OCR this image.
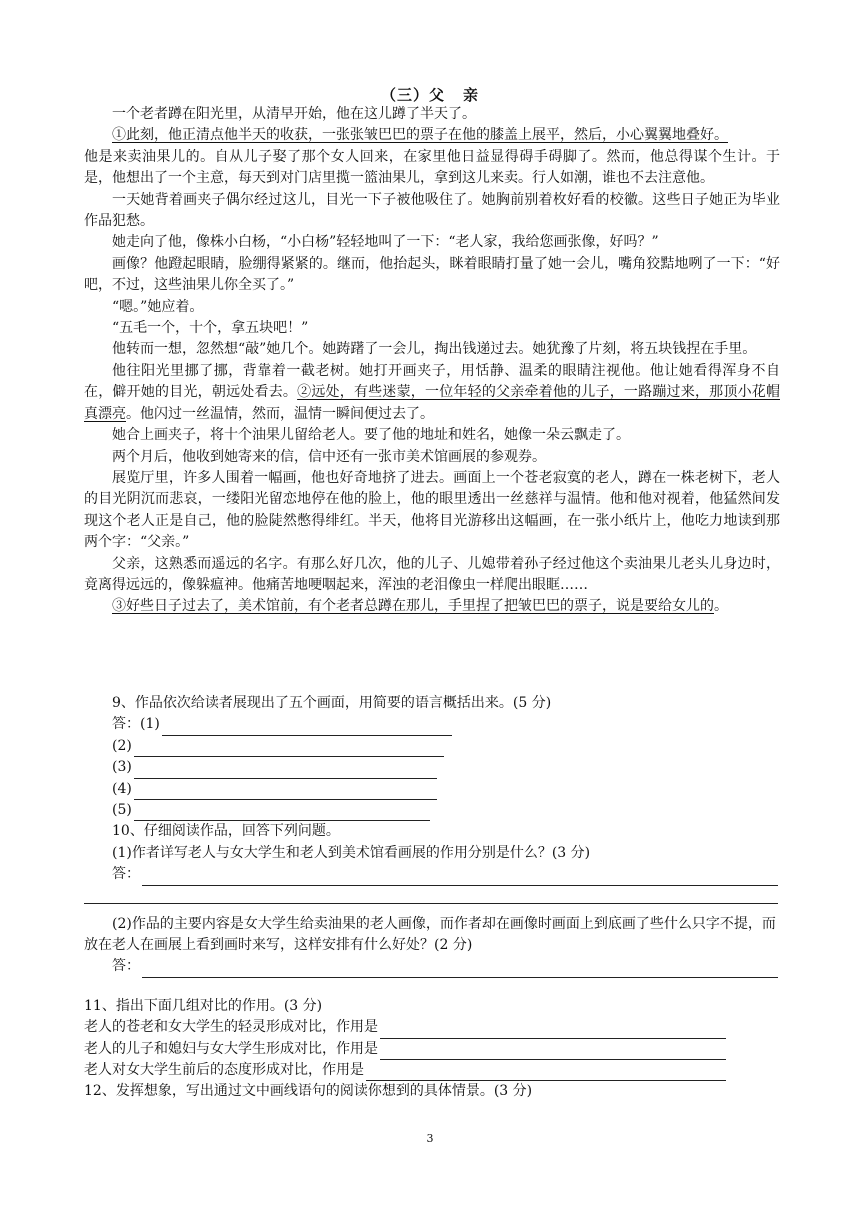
（三）父 亲

一个老者蹲在阳光里，从清早开始，他在这儿蹲了半天了。

①此刻，他正清点他半天的收获，一张张皱巴巴的票子在他的膝盖上展平，然后，小心翼翼地叠好。

他是来卖油果儿的。自从儿子娶了那个女人回来，在家里他日益显得碍手碍脚了。然而，他总得谋个生计。于是，他想出了一个主意，每天到对门店里揽一篮油果儿，拿到这儿来卖。行人如潮，谁也不去注意他。

一天她背着画夹子偶尔经过这儿，目光一下子被他吸住了。她胸前别着枚好看的校徽。这些日子她正为毕业作品犯愁。

她走向了他，像株小白杨，“小白杨”轻轻地叫了一下：“老人家，我给您画张像，好吗？”

画像？他蹬起眼睛，脸绷得紧紧的。继而，他抬起头，眯着眼睛打量了她一会儿，嘴角狡黠地咧了一下：“好吧，不过，这些油果儿你全买了。”

“嗯。”她应着。

“五毛一个，十个，拿五块吧！”

他转而一想，忽然想“敲”她几个。她踌躇了一会儿，掏出钱递过去。她犹豫了片刻，将五块钱捏在手里。

他往阳光里挪了挪，背靠着一截老树。她打开画夹子，用恬静、温柔的眼睛注视他。他让她看得浑身不自在，僻开她的目光，朝远处看去。②远处，有些迷蒙，一位年轻的父亲牵着他的儿子，一路蹦过来，那顶小花帽真漂亮。他闪过一丝温情，然而，温情一瞬间便过去了。

她合上画夹子，将十个油果儿留给老人。要了他的地址和姓名，她像一朵云飘走了。

两个月后，他收到她寄来的信，信中还有一张市美术馆画展的参观券。

展览厅里，许多人围着一幅画，他也好奇地挤了进去。画面上一个苍老寂寞的老人，蹲在一株老树下，老人的目光阴沉而悲哀，一缕阳光留恋地停在他的脸上，他的眼里透出一丝慈祥与温情。他和他对视着，他猛然间发现这个老人正是自己，他的脸陡然憋得绯红。半天，他将目光游移出这幅画，在一张小纸片上，他吃力地读到那两个字：“父亲。”

父亲，这熟悉而遥远的名字。有那么好几次，他的儿子、儿媳带着孙子经过他这个卖油果儿老头儿身边时，竟离得远远的，像躲瘟神。他痛苦地哽咽起来，浑浊的老泪像虫一样爬出眼眶……

③好些日子过去了，美术馆前，有个老者总蹲在那儿，手里捏了把皱巴巴的票子，说是要给女儿的。

9、作品依次给读者展现出了五个画面，用简要的语言概括出来。(5 分)

答： (1)
(2)
(3)
(4)
(5)

10、仔细阅读作品，回答下列问题。

(1)作者详写老人与女大学生和老人到美术馆看画展的作用分别是什么？(3 分)

答：

(2)作品的主要内容是女大学生给卖油果的老人画像，而作者却在画像时画面上到底画了些什么只字不提，而放在老人在画展上看到画时来写，这样安排有什么好处？(2 分)

答：

11、指出下面几组对比的作用。(3 分)

老人的苍老和女大学生的轻灵形成对比，作用是
老人的儿子和媳妇与女大学生形成对比，作用是
老人对女大学生前后的态度形成对比，作用是

12、发挥想象，写出通过文中画线语句的阅读你想到的具体情景。(3 分)

3
